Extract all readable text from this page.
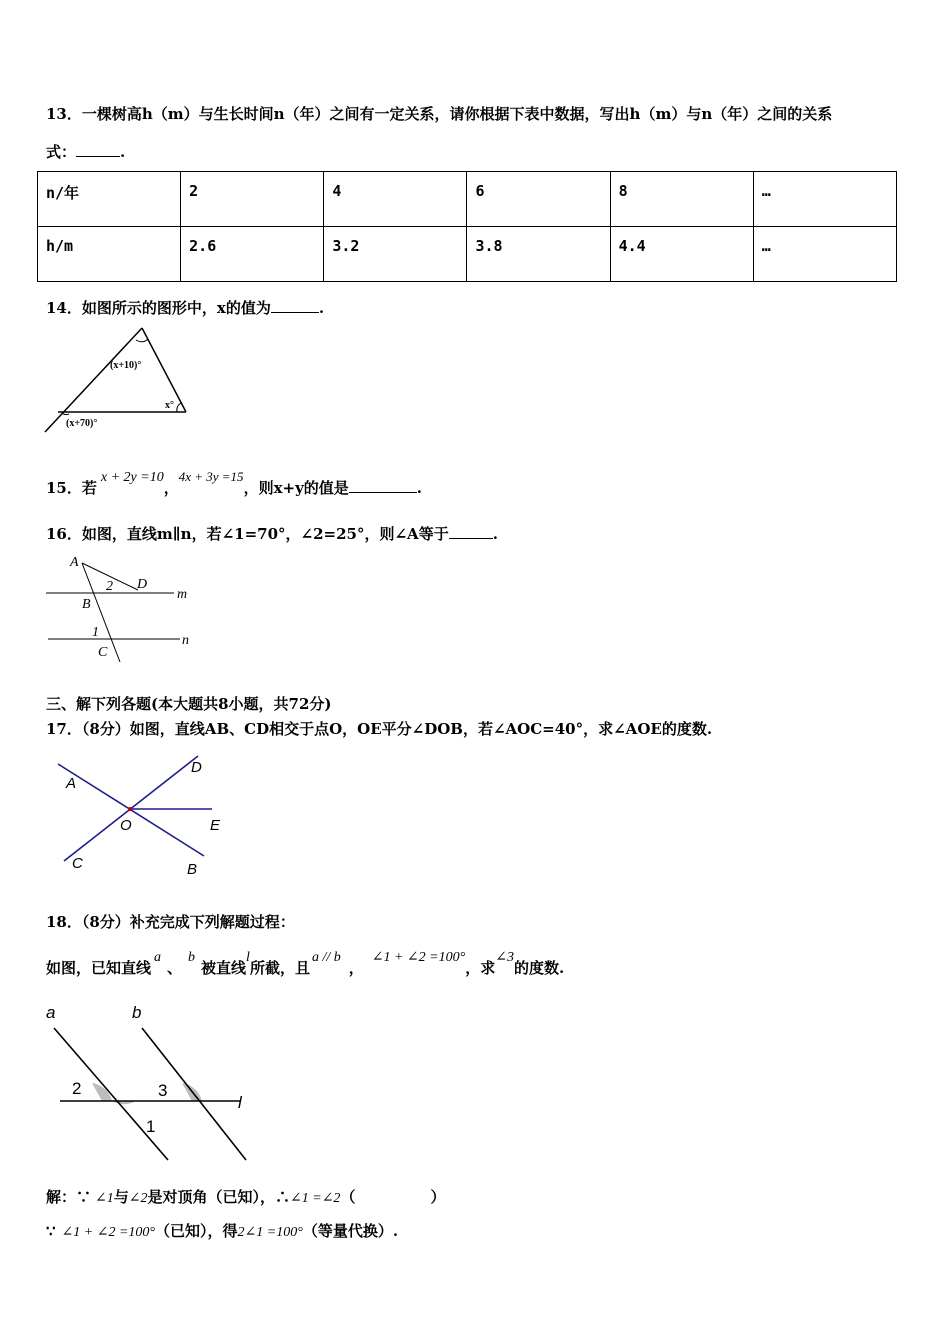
13．一棵树高h（m）与生长时间n（年）之间有一定关系，请你根据下表中数据，写出h（m）与n（年）之间的关系
式：	.
n/年	2	4	6	8	…
h/m	2.6	3.2	3.8	4.4	…
14．如图所示的图形中，x的值为	.
(x+10)°
x°
(x+70)°
15．若x + 2y =10，4x + 3y =15，则x+y的值是	.
16．如图，直线m∥n，若∠1=70°，∠2=25°，则∠A等于	.
A
D
2
B
m
1
C
n
三、解下列各题(本大题共8小题，共72分)
17．（8分）如图，直线AB、CD相交于点O，OE平分∠DOB，若∠AOC=40°，求∠AOE的度数.
A
D
O	E
C	B
18．（8分）补充完成下列解题过程：
如图，已知直线a、b被直线l所截，且a // b，∠1 + ∠2 =100°，求∠3的度数.
a	b
l
2	3
1
解：∵ ∠1与∠2是对顶角（已知），∴∠1 =∠2（　　　　　）
∵ ∠1 + ∠2 =100°（已知），得2∠1 =100°（等量代换）.
